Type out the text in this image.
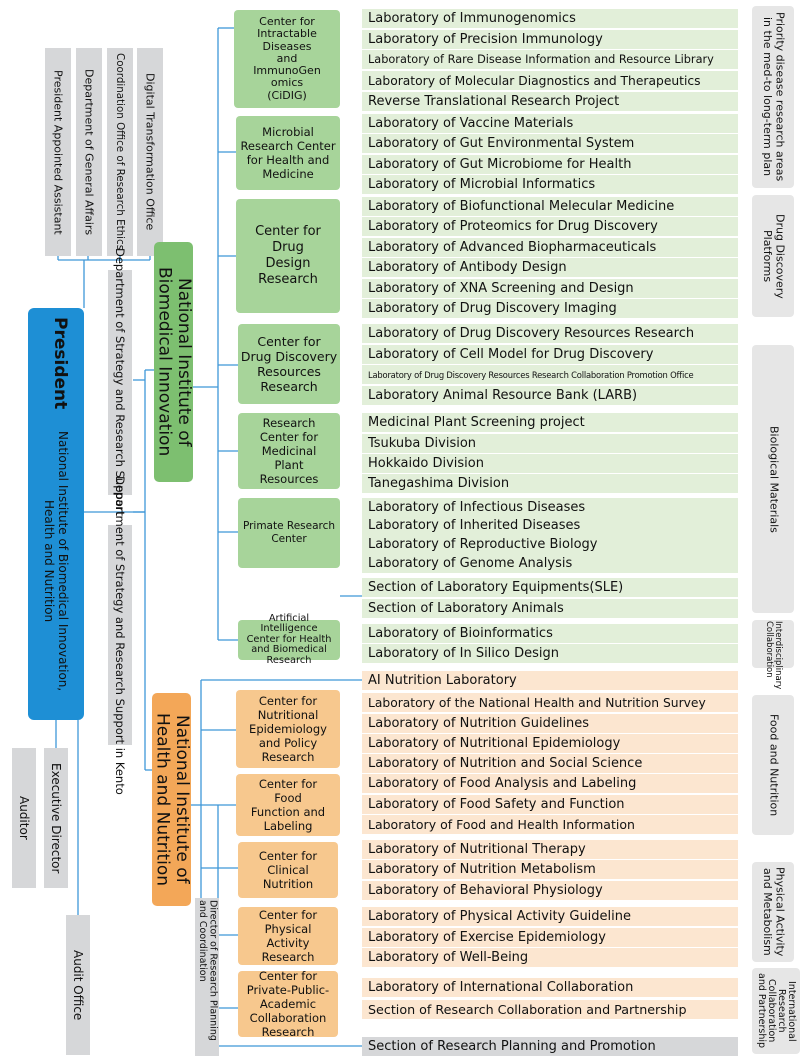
President Appointed Assistant Department of General Affairs Coordination Office of Research Ethics Digital Transformation Office
Department of Strategy and Research Support
Department of Strategy and Research Support in Kento
President
National Institute of Biomedical Innovation, Health and Nutrition
Executive Director
Auditor
Audit Office
National Institute of Biomedical Innovation
National Institute of Health and Nutrition
Director of Research Planning and Coordination
Center for
Intractable
Diseases
and
ImmunoGen
omics
(CiDIG)
Microbial
Research Center
for Health and
Medicine
Center for
Drug
Design
Research
Center for
Drug Discovery
Resources
Research
Research
Center for
Medicinal
Plant
Resources
Primate Research
Center
Artificial Intelligence
Center for Health
and Biomedical
Research
Center for
Nutritional
Epidemiology
and Policy
Research
Center for
Food
Function and
Labeling
Center for
Clinical
Nutrition
Center for
Physical
Activity
Research
Center for
Private-Public-
Academic
Collaboration
Research
Laboratory of Immunogenomics
Laboratory of Precision Immunology
Laboratory of Rare Disease Information and Resource Library
Laboratory of Molecular Diagnostics and Therapeutics
Reverse Translational Research Project
Laboratory of Vaccine Materials
Laboratory of Gut Environmental System
Laboratory of Gut Microbiome for Health
Laboratory of Microbial Informatics
Laboratory of Biofunctional Melecular Medicine
Laboratory of Proteomics for Drug Discovery
Laboratory of Advanced Biopharmaceuticals
Laboratory of Antibody Design
Laboratory of XNA Screening and Design
Laboratory of Drug Discovery Imaging
Laboratory of Drug Discovery Resources Research
Laboratory of Cell Model for Drug Discovery
Laboratory of Drug Discovery Resources Research Collaboration Promotion Office
Laboratory Animal Resource Bank (LARB)
Medicinal Plant Screening project
Tsukuba Division
Hokkaido Division
Tanegashima Division
Laboratory of Infectious Diseases
Laboratory of Inherited Diseases
Laboratory of Reproductive Biology
Laboratory of Genome Analysis
Section of Laboratory Equipments(SLE)
Section of Laboratory Animals
Laboratory of Bioinformatics
Laboratory of In Silico Design
AI Nutrition Laboratory
Laboratory of the National Health and Nutrition Survey
Laboratory of Nutrition Guidelines
Laboratory of Nutritional Epidemiology
Laboratory of Nutrition and Social Science
Laboratory of Food Analysis and Labeling
Laboratory of Food Safety and Function
Laboratory of Food and Health Information
Laboratory of Nutritional Therapy
Laboratory of Nutrition Metabolism
Laboratory of Behavioral Physiology
Laboratory of Physical Activity Guideline
Laboratory of Exercise Epidemiology
Laboratory of Well-Being
Laboratory of International Collaboration
Section of Research Collaboration and Partnership
Section of Research Planning and Promotion
Priority disease research areas in the med-to long-term plan
Drug Discovery Platforms
Biological Materials
Interdisciplinary Collaboration
Food and Nutrition
Physical Activity and Metabolism
International Research Collaboration and Partnership
